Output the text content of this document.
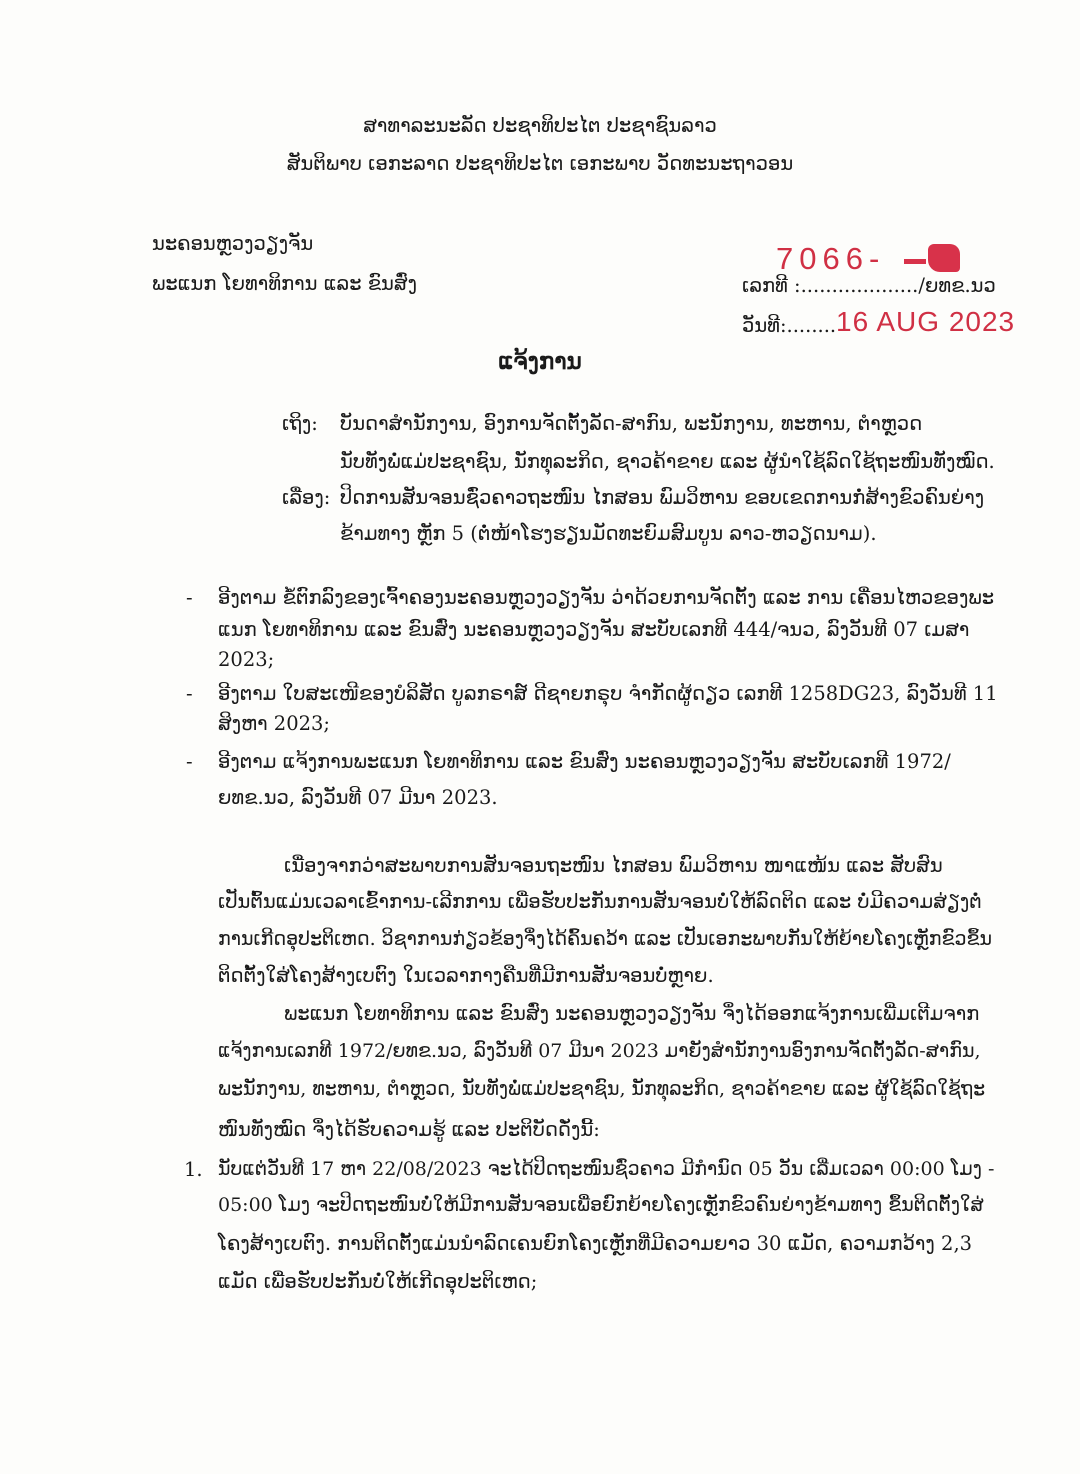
ສາທາລະນະລັດ ປະຊາທິປະໄຕ ປະຊາຊົນລາວ
ສັນຕິພາບ ເອກະລາດ ປະຊາທິປະໄຕ ເອກະພາບ ວັດທະນະຖາວອນ
ນະຄອນຫຼວງວຽງຈັນ
ພະແນກ ໂຍທາທິການ ແລະ ຂົນສົ່ງ
7066-
ເລກທີ :.................../ຍທຂ.ນວ
ວັນທີ:........ 16 AUG 2023
ແຈ້ງການ
ເຖິງ: ບັນດາສຳນັກງານ, ອົງການຈັດຕັ້ງລັດ-ສາກົນ, ພະນັກງານ, ທະຫານ, ຕຳຫຼວດ
ນັບທັງພໍ່ແມ່ປະຊາຊົນ, ນັກທຸລະກິດ, ຊາວຄ້າຂາຍ ແລະ ຜູ້ນຳໃຊ້ລົດໃຊ້ຖະໜົນທັງໝົດ.
ເລື່ອງ: ປິດການສັນຈອນຊົ່ວຄາວຖະໜົນ ໄກສອນ ພົມວິຫານ ຂອບເຂດການກໍ່ສ້າງຂົວຄົນຍ່າງ
ຂ້າມທາງ ຫຼັກ 5 (ຕໍ່ໜ້າໂຮງຮຽນມັດທະຍົມສົມບູນ ລາວ-ຫວຽດນາມ).
- ອີງຕາມ ຂໍ້ຕົກລົງຂອງເຈົ້າຄອງນະຄອນຫຼວງວຽງຈັນ ວ່າດ້ວຍການຈັດຕັ້ງ ແລະ ການ ເຄື່ອນໄຫວຂອງພະ
ແນກ ໂຍທາທິການ ແລະ ຂົນສົ່ງ ນະຄອນຫຼວງວຽງຈັນ ສະບັບເລກທີ 444/ຈນວ, ລົງວັນທີ 07 ເມສາ
2023;
- ອີງຕາມ ໃບສະເໜີຂອງບໍລິສັດ ບູລກຣາສ໌ ດີຊາຍກຣຸບ ຈຳກັດຜູ້ດຽວ ເລກທີ 1258DG23, ລົງວັນທີ 11
ສິງຫາ 2023;
- ອີງຕາມ ແຈ້ງການພະແນກ ໂຍທາທິການ ແລະ ຂົນສົ່ງ ນະຄອນຫຼວງວຽງຈັນ ສະບັບເລກທີ 1972/
ຍທຂ.ນວ, ລົງວັນທີ 07 ມີນາ 2023.
ເນື່ອງຈາກວ່າສະພາບການສັນຈອນຖະໜົນ ໄກສອນ ພົມວິຫານ ໜາແໜ້ນ ແລະ ສັບສົນ
ເປັນຕົ້ນແມ່ນເວລາເຂົ້າການ-ເລີກການ ເພື່ອຮັບປະກັນການສັນຈອນບໍ່ໃຫ້ລົດຕິດ ແລະ ບໍ່ມີຄວາມສ່ຽງຕໍ່
ການເກີດອຸປະຕິເຫດ. ວິຊາການກ່ຽວຂ້ອງຈຶ່ງໄດ້ຄົ້ນຄວ້າ ແລະ ເປັນເອກະພາບກັນໃຫ້ຍ້າຍໂຄງເຫຼັກຂົວຂຶ້ນ
ຕິດຕັ້ງໃສ່ໂຄງສ້າງເບຕົງ ໃນເວລາກາງຄືນທີ່ມີການສັນຈອນບໍ່ຫຼາຍ.
ພະແນກ ໂຍທາທິການ ແລະ ຂົນສົ່ງ ນະຄອນຫຼວງວຽງຈັນ ຈຶ່ງໄດ້ອອກແຈ້ງການເພີ່ມເຕີມຈາກ
ແຈ້ງການເລກທີ 1972/ຍທຂ.ນວ, ລົງວັນທີ 07 ມີນາ 2023 ມາຍັງສຳນັກງານອົງການຈັດຕັ້ງລັດ-ສາກົນ,
ພະນັກງານ, ທະຫານ, ຕຳຫຼວດ, ນັບທັງພໍ່ແມ່ປະຊາຊົນ, ນັກທຸລະກິດ, ຊາວຄ້າຂາຍ ແລະ ຜູ້ໃຊ້ລົດໃຊ້ຖະ
ໜົນທັງໝົດ ຈຶ່ງໄດ້ຮັບຄວາມຮູ້ ແລະ ປະຕິບັດດັ່ງນີ້:
1. ນັບແຕ່ວັນທີ 17 ຫາ 22/08/2023 ຈະໄດ້ປິດຖະໜົນຊົ່ວຄາວ ມີກຳນົດ 05 ວັນ ເລີ່ມເວລາ 00:00 ໂມງ -
05:00 ໂມງ ຈະປິດຖະໜົນບໍ່ໃຫ້ມີການສັນຈອນເພື່ອຍົກຍ້າຍໂຄງເຫຼັກຂົວຄົນຍ່າງຂ້າມທາງ ຂຶ້ນຕິດຕັ້ງໃສ່
ໂຄງສ້າງເບຕົງ. ການຕິດຕັ້ງແມ່ນນຳລົດເຄນຍົກໂຄງເຫຼັກທີ່ມີຄວາມຍາວ 30 ແມັດ, ຄວາມກວ້າງ 2,3
ແມັດ ເພື່ອຮັບປະກັນບໍ່ໃຫ້ເກີດອຸປະຕິເຫດ;
